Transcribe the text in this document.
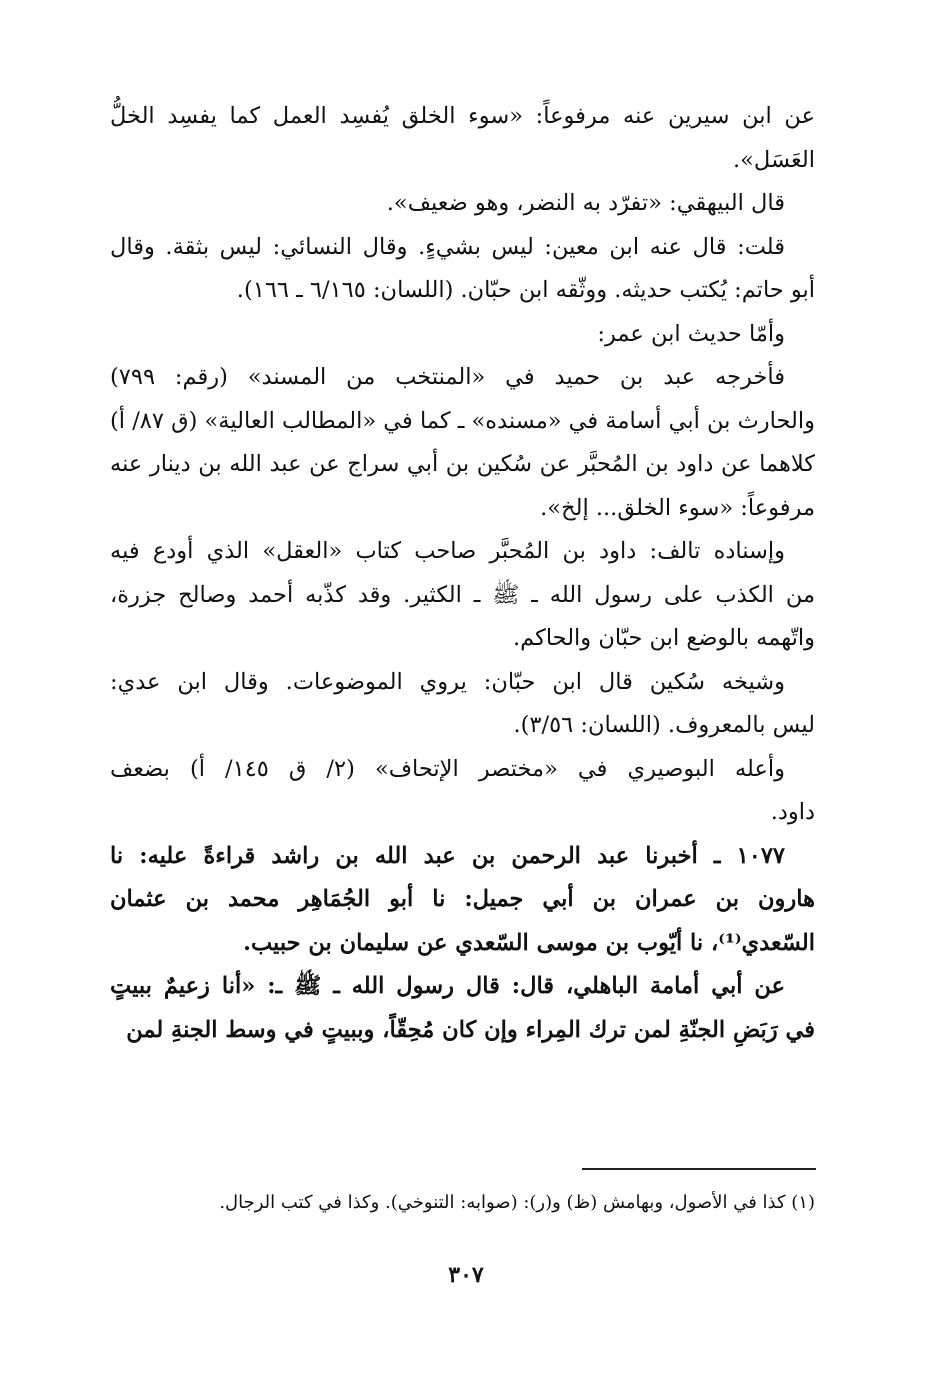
عن ابن سيرين عنه مرفوعاً: «سوء الخلق يُفسِد العمل كما يفسِد الخلُّ
العَسَل».
قال البيهقي: «تفرّد به النضر، وهو ضعيف».
قلت: قال عنه ابن معين: ليس بشيءٍ. وقال النسائي: ليس بثقة. وقال
أبو حاتم: يُكتب حديثه. ووثّقه ابن حبّان. (اللسان: ٦/١٦٥ ـ ١٦٦).
وأمّا حديث ابن عمر:
فأخرجه عبد بن حميد في «المنتخب من المسند» (رقم: ٧٩٩)
والحارث بن أبي أسامة في «مسنده» ـ كما في «المطالب العالية» (ق ٨٧/ أ)
كلاهما عن داود بن المُحبَّر عن سُكين بن أبي سراج عن عبد الله بن دينار عنه
مرفوعاً: «سوء الخلق... إلخ».
وإسناده تالف: داود بن المُحبَّر صاحب كتاب «العقل» الذي أودع فيه
من الكذب على رسول الله ـ ﷺ ـ الكثير. وقد كذّبه أحمد وصالح جزرة،
واتّهمه بالوضع ابن حبّان والحاكم.
وشيخه سُكين قال ابن حبّان: يروي الموضوعات. وقال ابن عدي:
ليس بالمعروف. (اللسان: ٣/٥٦).
وأعله البوصيري في «مختصر الإتحاف» (٢/ ق ١٤٥/ أ) بضعف
داود.
١٠٧٧ ـ أخبرنا عبد الرحمن بن عبد الله بن راشد قراءةً عليه: نا
هارون بن عمران بن أبي جميل: نا أبو الجُمَاهِر محمد بن عثمان
السّعدي⁽¹⁾، نا أيّوب بن موسى السّعدي عن سليمان بن حبيب.
عن أبي أمامة الباهلي، قال: قال رسول الله ـ ﷺ ـ: «أنا زعيمٌ ببيتٍ
في رَبَضِ الجنّةِ لمن ترك المِراء وإن كان مُحِقّاً، وببيتٍ في وسط الجنةِ لمن
(١) كذا في الأصول، وبهامش (ظ) و(ر): (صوابه: التنوخي). وكذا في كتب الرجال.
٣٠٧
